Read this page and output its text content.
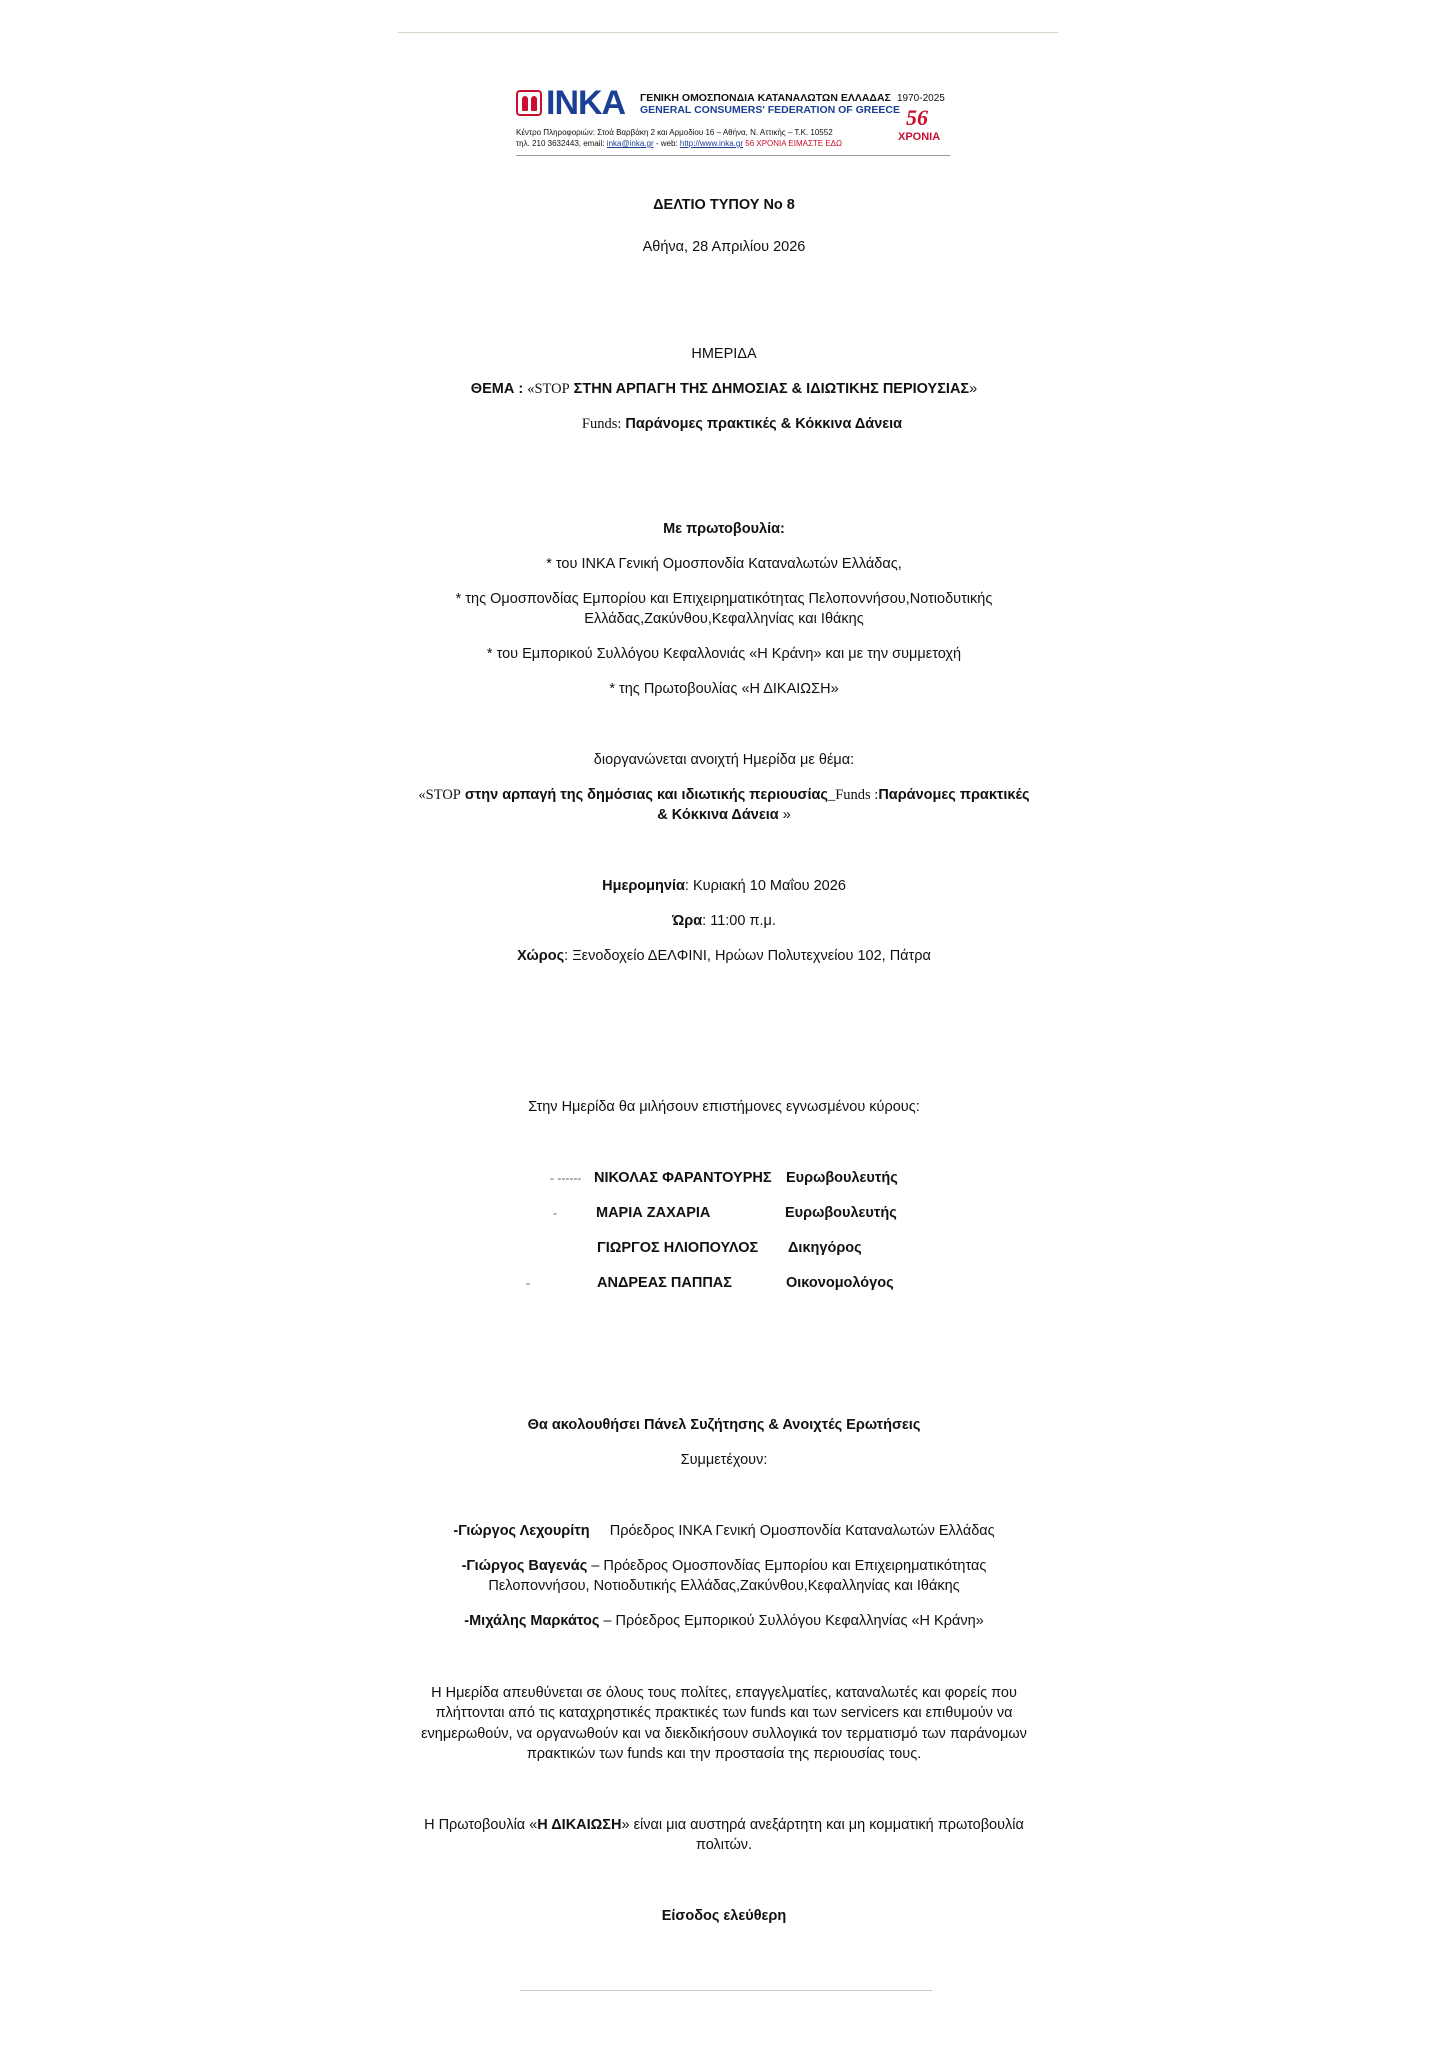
INKA ΓΕΝΙΚΗ ΟΜΟΣΠΟΝΔΙΑ ΚΑΤΑΝΑΛΩΤΩΝ ΕΛΛΑΔΑΣ
GENERAL CONSUMERS' FEDERATION OF GREECE
1970-2025
56
ΧΡΟΝΙΑ
Κέντρο Πληροφοριών: Στοά Βαρβάκη 2 και Αρμοδίου 16 – Αθήνα, Ν. Αττικής – Τ.Κ. 10552
τηλ. 210 3632443, email: inka@inka.gr - web: http://www.inka.gr 56 ΧΡΟΝΙΑ ΕΙΜΑΣΤΕ ΕΔΩ
ΔΕΛΤΙΟ ΤΥΠΟΥ Νο 8
Αθήνα, 28 Απριλίου 2026
ΗΜΕΡΙΔΑ
ΘΕΜΑ : «STOP ΣΤΗΝ ΑΡΠΑΓΗ ΤΗΣ ΔΗΜΟΣΙΑΣ & ΙΔΙΩΤΙΚΗΣ ΠΕΡΙΟΥΣΙΑΣ»
Funds: Παράνομες πρακτικές & Κόκκινα Δάνεια
Με πρωτοβουλία:
* του ΙΝΚΑ Γενική Ομοσπονδία Καταναλωτών Ελλάδας,
* της Ομοσπονδίας Εμπορίου και Επιχειρηματικότητας Πελοποννήσου,Νοτιοδυτικής
Ελλάδας,Ζακύνθου,Κεφαλληνίας και Ιθάκης
* του Εμπορικού Συλλόγου Κεφαλλονιάς «Η Κράνη» και με την συμμετοχή
* της Πρωτοβουλίας «Η ΔΙΚΑΙΩΣΗ»
διοργανώνεται ανοιχτή Ημερίδα με θέμα:
«STOP στην αρπαγή της δημόσιας και ιδιωτικής περιουσίας_Funds :Παράνομες πρακτικές
& Κόκκινα Δάνεια »
Ημερομηνία: Κυριακή 10 Μαΐου 2026
Ώρα: 11:00 π.μ.
Χώρος: Ξενοδοχείο ΔΕΛΦΙΝΙ, Ηρώων Πολυτεχνείου 102, Πάτρα
Στην Ημερίδα θα μιλήσουν επιστήμονες εγνωσμένου κύρους:
- ------ ΝΙΚΟΛΑΣ ΦΑΡΑΝΤΟΥΡΗΣ Ευρωβουλευτής
-	ΜΑΡΙΑ ΖΑΧΑΡΙΑ	Ευρωβουλευτής
ΓΙΩΡΓΟΣ ΗΛΙΟΠΟΥΛΟΣ Δικηγόρος
-	ΑΝΔΡΕΑΣ ΠΑΠΠΑΣ	Οικονομολόγος
Θα ακολουθήσει Πάνελ Συζήτησης & Ανοιχτές Ερωτήσεις
Συμμετέχουν:
-Γιώργος Λεχουρίτη Πρόεδρος ΙΝΚΑ Γενική Ομοσπονδία Καταναλωτών Ελλάδας
-Γιώργος Βαγενάς – Πρόεδρος Ομοσπονδίας Εμπορίου και Επιχειρηματικότητας
Πελοποννήσου, Νοτιοδυτικής Ελλάδας,Ζακύνθου,Κεφαλληνίας και Ιθάκης
-Μιχάλης Μαρκάτος – Πρόεδρος Εμπορικού Συλλόγου Κεφαλληνίας «Η Κράνη»
Η Ημερίδα απευθύνεται σε όλους τους πολίτες, επαγγελματίες, καταναλωτές και φορείς που
πλήττονται από τις καταχρηστικές πρακτικές των funds και των servicers και επιθυμούν να
ενημερωθούν, να οργανωθούν και να διεκδικήσουν συλλογικά τον τερματισμό των παράνομων
πρακτικών των funds και την προστασία της περιουσίας τους.
Η Πρωτοβουλία «Η ΔΙΚΑΙΩΣΗ» είναι μια αυστηρά ανεξάρτητη και μη κομματική πρωτοβουλία
πολιτών.
Είσοδος ελεύθερη
